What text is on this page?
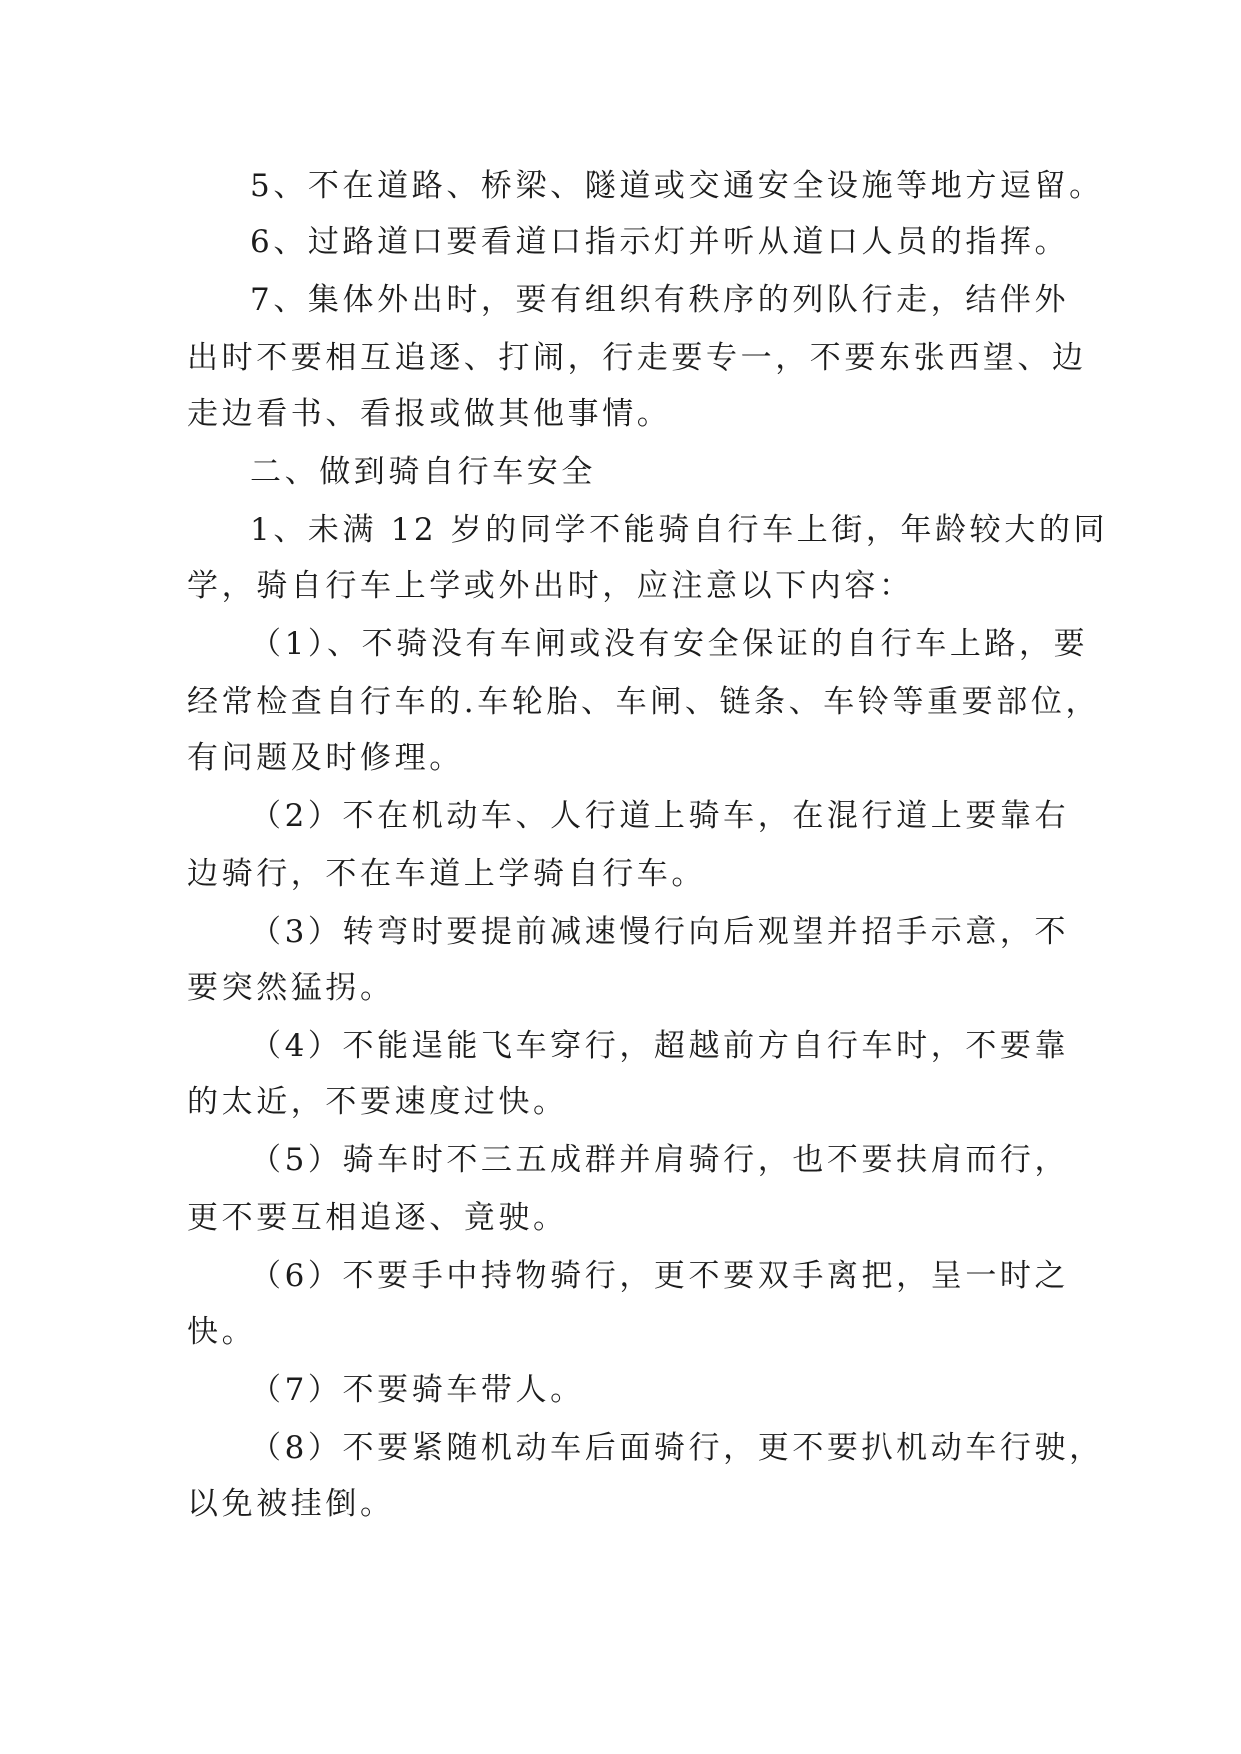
5、不在道路、桥梁、隧道或交通安全设施等地方逗留。
6、过路道口要看道口指示灯并听从道口人员的指挥。
7、集体外出时，要有组织有秩序的列队行走，结伴外
出时不要相互追逐、打闹，行走要专一，不要东张西望、边
走边看书、看报或做其他事情。
二、做到骑自行车安全
1、未满 12 岁的同学不能骑自行车上街，年龄较大的同
学，骑自行车上学或外出时，应注意以下内容：
（1）、不骑没有车闸或没有安全保证的自行车上路，要
经常检查自行车的.车轮胎、车闸、链条、车铃等重要部位，
有问题及时修理。
（2）不在机动车、人行道上骑车，在混行道上要靠右
边骑行，不在车道上学骑自行车。
（3）转弯时要提前减速慢行向后观望并招手示意，不
要突然猛拐。
（4）不能逞能飞车穿行，超越前方自行车时，不要靠
的太近，不要速度过快。
（5）骑车时不三五成群并肩骑行，也不要扶肩而行，
更不要互相追逐、竟驶。
（6）不要手中持物骑行，更不要双手离把，呈一时之
快。
（7）不要骑车带人。
（8）不要紧随机动车后面骑行，更不要扒机动车行驶，
以免被挂倒。
